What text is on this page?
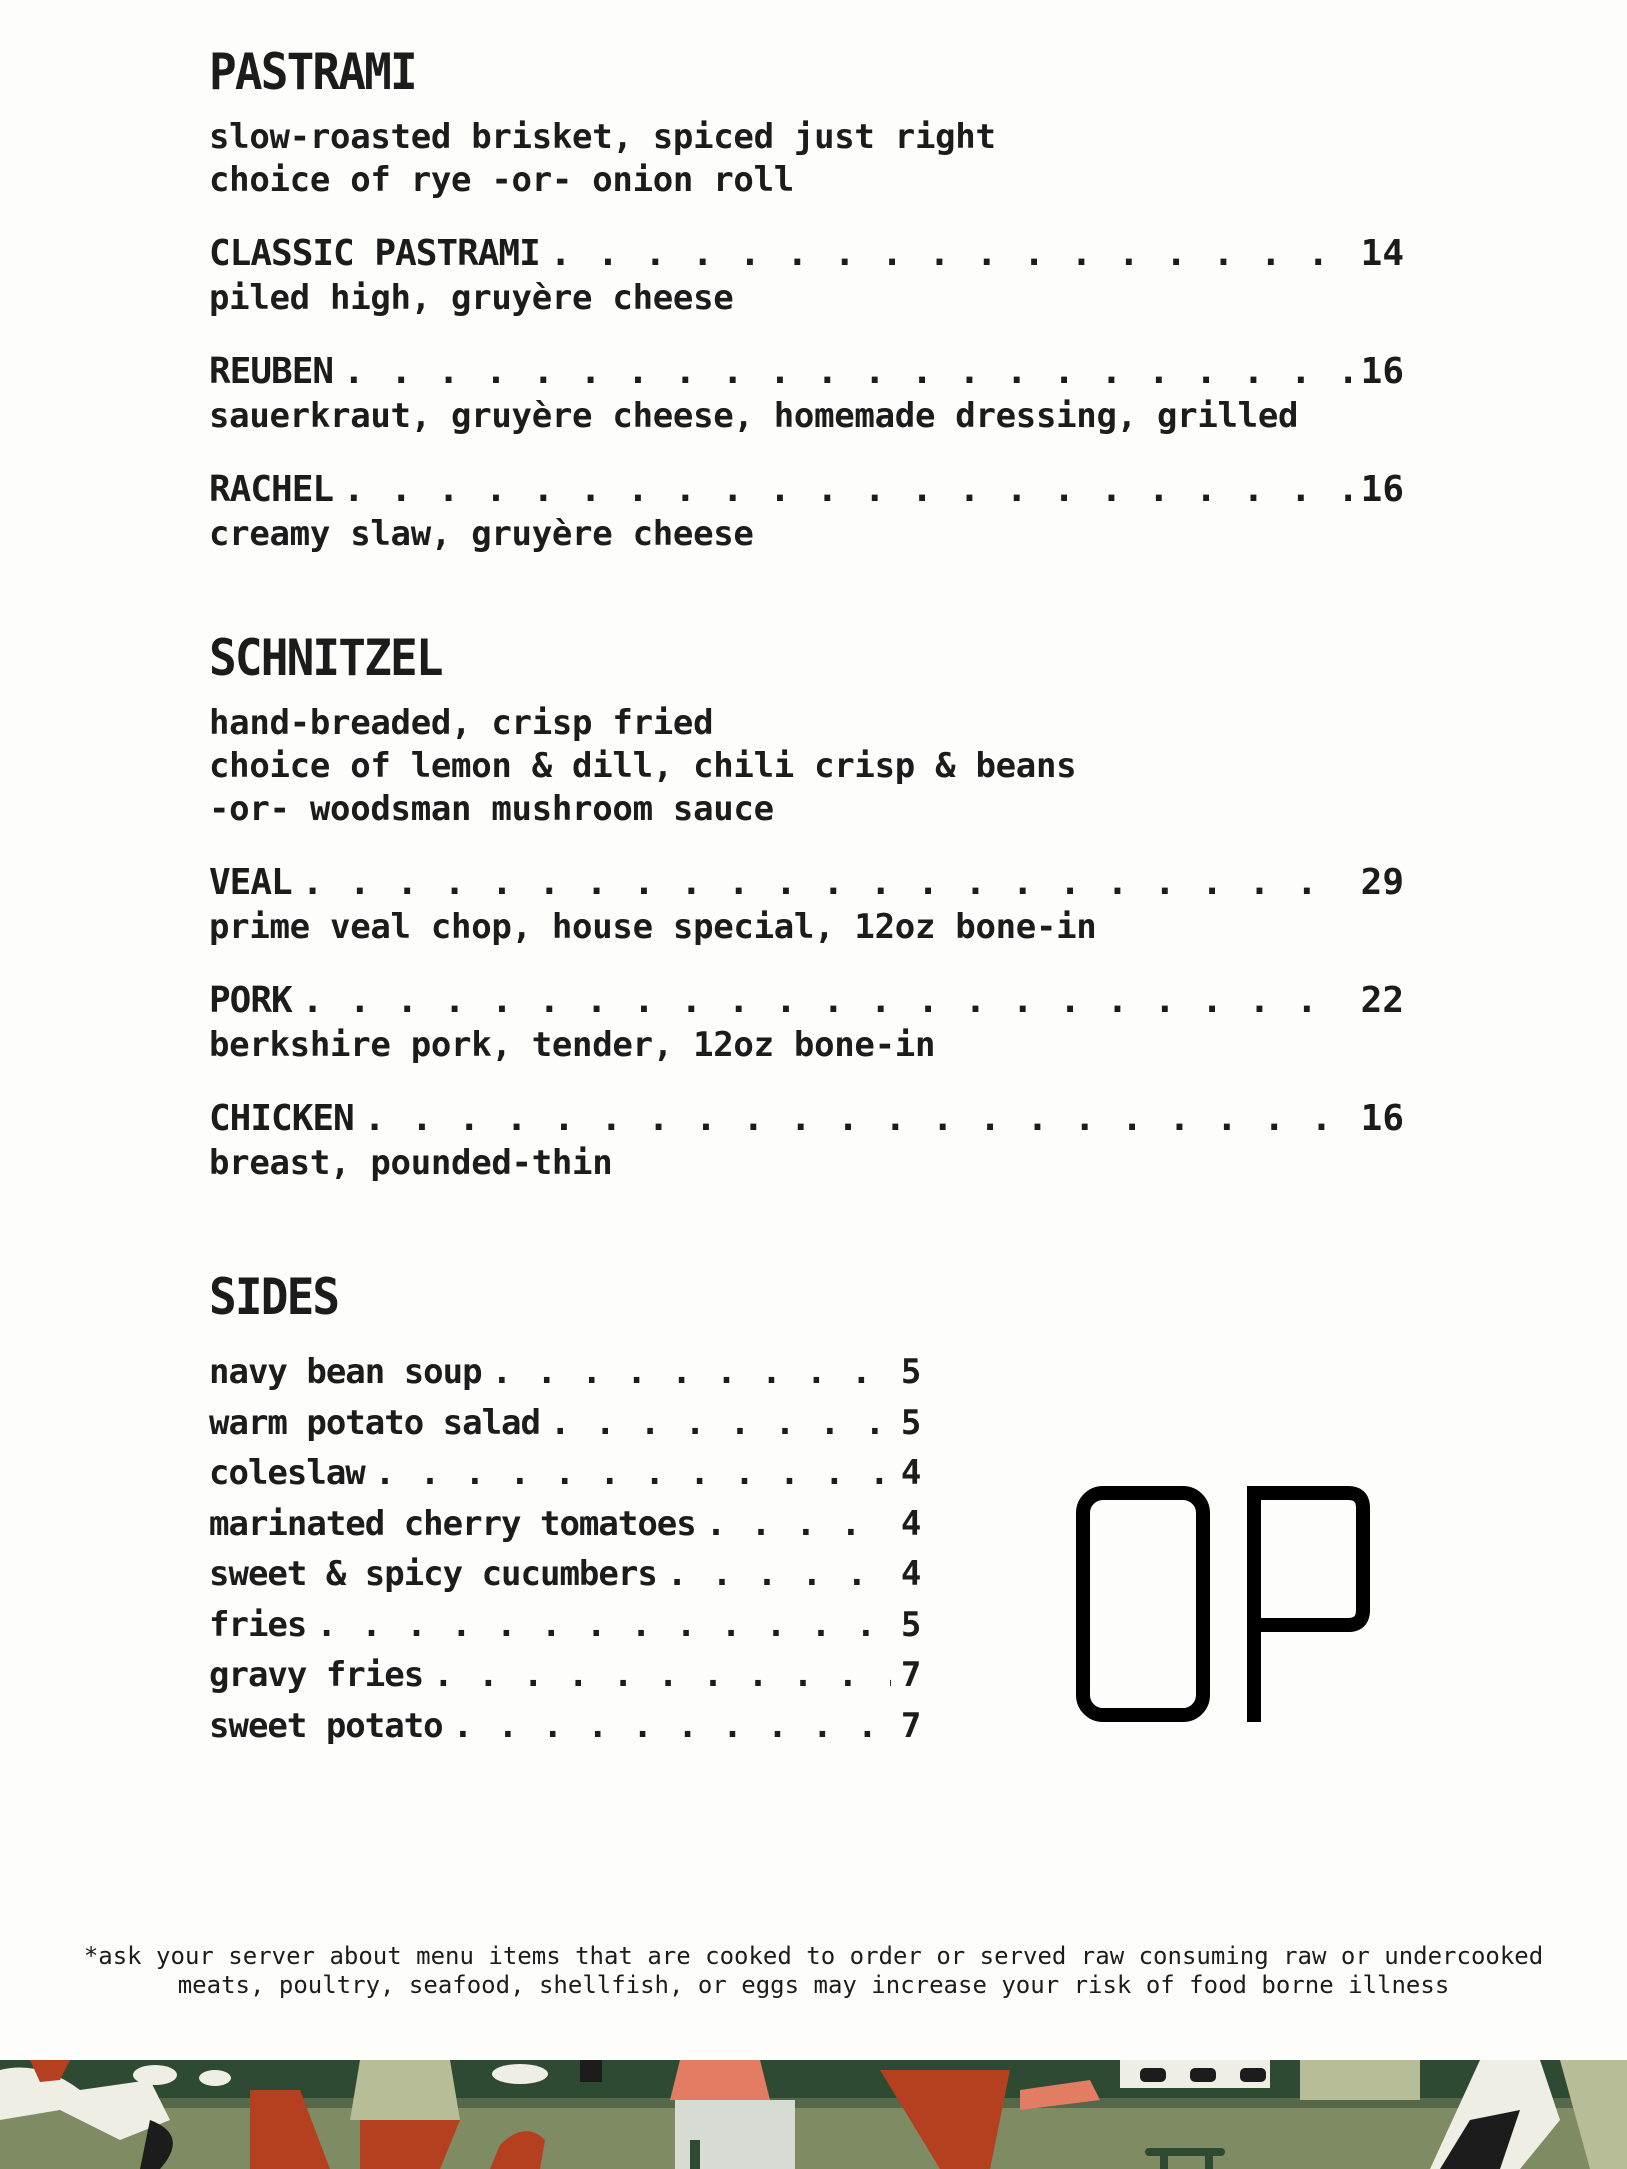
PASTRAMI
slow-roasted brisket, spiced just right
choice of rye -or- onion roll
CLASSIC PASTRAMI . . .	14
piled high, gruyère cheese
REUBEN . . .	16
sauerkraut, gruyère cheese, homemade dressing, grilled
RACHEL . . .	16
creamy slaw, gruyère cheese
SCHNITZEL
hand-breaded, crisp fried
choice of lemon & dill, chili crisp & beans
-or- woodsman mushroom sauce
VEAL . . .	29
prime veal chop, house special, 12oz bone-in
PORK . . .	22
berkshire pork, tender, 12oz bone-in
CHICKEN . . .	16
breast, pounded-thin
SIDES
navy bean soup . . .	5
warm potato salad . . .	5
coleslaw . . .	4
marinated cherry tomatoes . . .	4
sweet & spicy cucumbers . . .	4
fries . . .	5
gravy fries . . .	7
sweet potato . . .	7
*ask your server about menu items that are cooked to order or served raw consuming raw or undercooked
meats, poultry, seafood, shellfish, or eggs may increase your risk of food borne illness
